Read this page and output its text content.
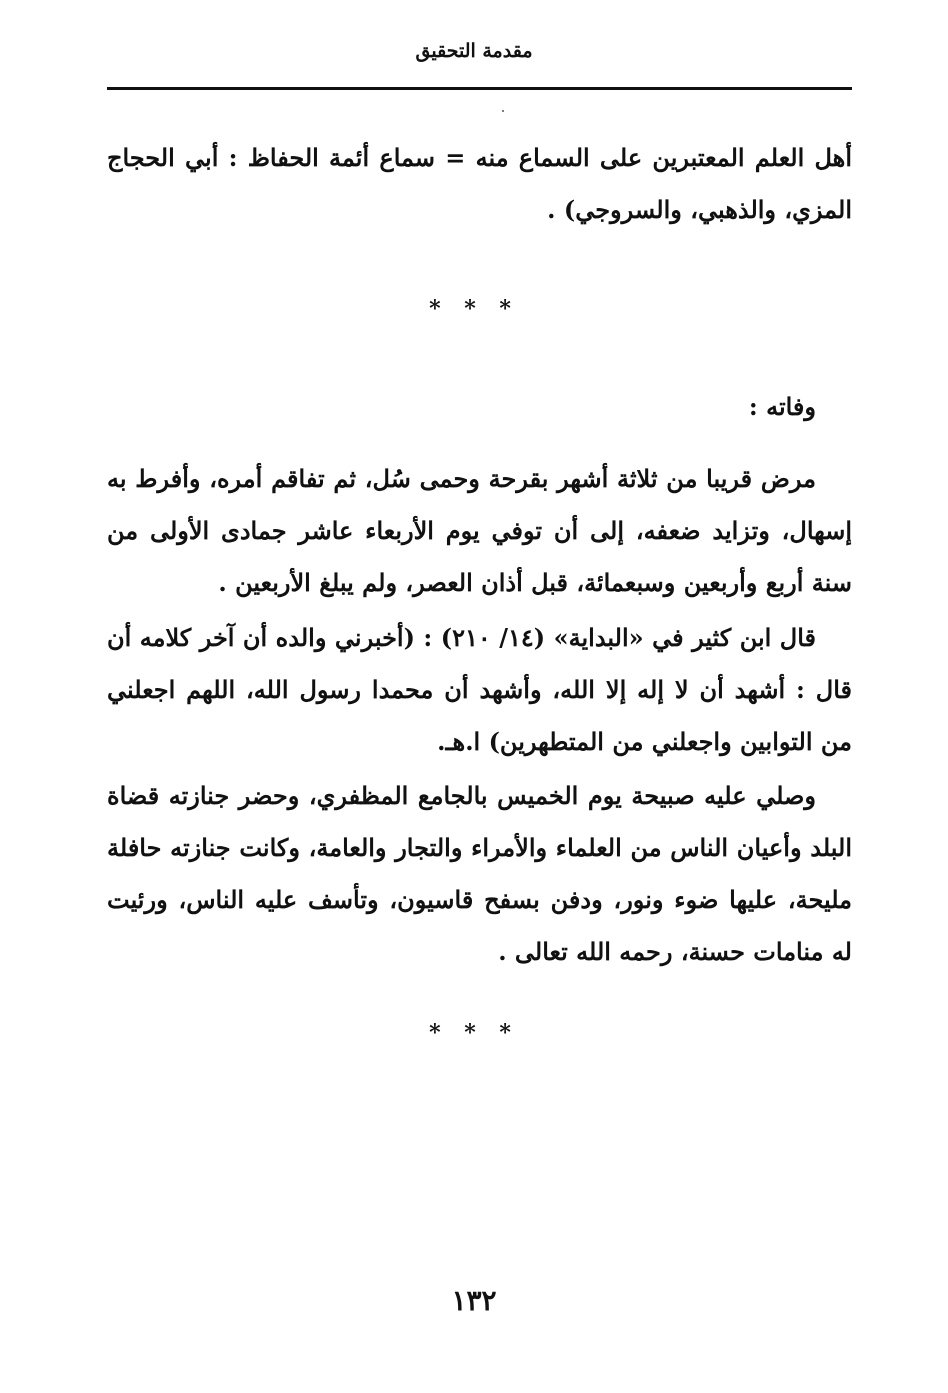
مقدمة التحقيق
أهل العلم المعتبرين على السماع منه = سماع أئمة الحفاظ : أبي الحجاج المزي، والذهبي، والسروجي) .
* * *
وفاته :
مرض قريبا من ثلاثة أشهر بقرحة وحمى سُل، ثم تفاقم أمره، وأفرط به إسهال، وتزايد ضعفه، إلى أن توفي يوم الأربعاء عاشر جمادى الأولى من سنة أربع وأربعين وسبعمائة، قبل أذان العصر، ولم يبلغ الأربعين .
قال ابن كثير في «البداية» (١٤/ ٢١٠) : (أخبرني والده أن آخر كلامه أن قال : أشهد أن لا إله إلا الله، وأشهد أن محمدا رسول الله، اللهم اجعلني من التوابين واجعلني من المتطهرين) ا.هـ.
وصلي عليه صبيحة يوم الخميس بالجامع المظفري، وحضر جنازته قضاة البلد وأعيان الناس من العلماء والأمراء والتجار والعامة، وكانت جنازته حافلة مليحة، عليها ضوء ونور، ودفن بسفح قاسيون، وتأسف عليه الناس، ورئيت له منامات حسنة، رحمه الله تعالى .
* * *
١٣٢
